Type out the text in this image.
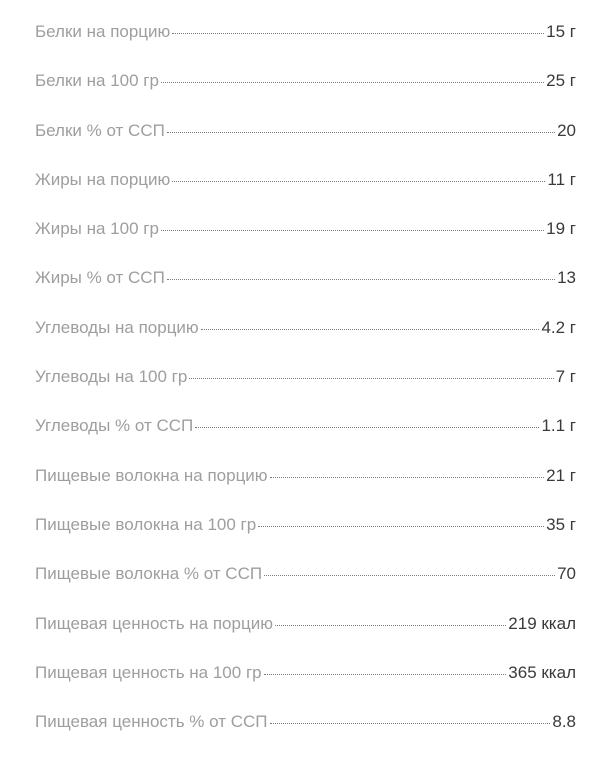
Белки на порцию	15 г
Белки на 100 гр	25 г
Белки % от ССП	20
Жиры на порцию	11 г
Жиры на 100 гр	19 г
Жиры % от ССП	13
Углеводы на порцию	4.2 г
Углеводы на 100 гр	7 г
Углеводы % от ССП	1.1 г
Пищевые волокна на порцию	21 г
Пищевые волокна на 100 гр	35 г
Пищевые волокна % от ССП	70
Пищевая ценность на порцию	219 ккал
Пищевая ценность на 100 гр	365 ккал
Пищевая ценность % от ССП	8.8
